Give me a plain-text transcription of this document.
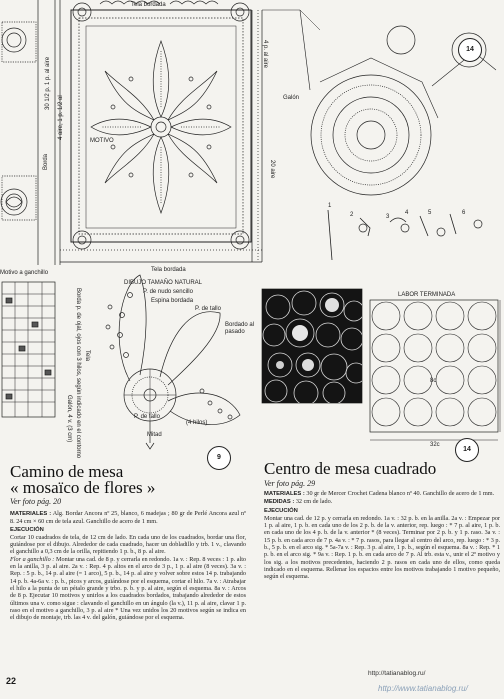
Tela bordada
MOTIVO
Galón
Borda
Motivo a ganchillo	Tela bordada
DIBUJO TAMAÑO NATURAL
P. de nudo sencillo
Espina bordada
P. de tallo
Bordado al pasado
P. de tallo
Mitad
(4 hilos)
LABOR TERMINADA
8c
32c
Borda p. de ojal, ojos con 3 hilos, según indicado en el contorno Tela
Galón, 4 v. (3 cm)
30 1/2 p. 1 p. al aire
4 aire, 1 p. 1/2 al
4 p. al aire
20 aire
1
2	3
4	5	6
14
9
14
Camino de mesa
« mosaïco de flores »
Ver foto pág. 20

MATERIALES : Alg. Bordar Ancora nº 25, blanco, 6 madejas ; 80 gr de Perlé Ancora azul nº 8. 24 cm × 60 cm de tela azul. Ganchillo de acero de 1 mm.

EJECUCIÓN

Cortar 10 cuadrados de tela, de 12 cm de lado. En cada uno de los cuadrados, bordar una flor, guiándose por el dibujo. Alrededor de cada cuadrado, hacer un dobladillo y trb. 1 v., clavando el ganchillo a 0,3 cm de la orilla, repitiendo 1 p. b., 8 p. al aire.

Flor a ganchillo : Montar una cad. de 8 p. y cerrarla en redondo. 1a v. : Rep. 8 veces : 1 p. alto en la anilla, 3 p. al aire. 2a v. : Rep. 4 p. altos en el arco de 3 p., 1 p. al aire (8 veces). 3a v. : Rep. : 5 p. b., 14 p. al aire (= 1 arco), 5 p. b., 14 p. al aire y volver sobre estos 14 p. trabajando 14 p. b. 4a-6a v. : p. b., picos y arcos, guiándose por el esquema, cortar el hilo. 7a v. : Atrabajar el hilo a la punta de un pétalo grande y trbo. p. b. y p. al aire, según el esquema. 8a v. : Arcos de 8 p. Ejecutar 10 motivos y unirlos a los cuadrados bordados, trabajando alrededor de estos últimos una v. como sigue : clavando el ganchillo en un ángulo (la v.), 11 p. al aire, clavar 1 p. raso en el motivo a ganchillo, 3 p. al aire * Una vez unidos los 20 motivos según se indica en el dibujo de montaje, trb. las 4 v. del galón, guiándose por el esquema.

Centro de mesa cuadrado
Ver foto pág. 29

MATERIALES : 30 gr de Mercer Crochet Cadena blanco nº 40. Ganchillo de acero de 1 mm.

MEDIDAS : 32 cm de lado.

EJECUCIÓN

Montar una cad. de 12 p. y cerrarla en redondo. 1a v. : 32 p. b. en la anilla. 2a v. : Empezar por 1 p. al aire, 1 p. b. en cada uno de los 2 p. b. de la v. anterior, rep. luego : * 7 p. al aire, 1 p. b. en cada uno de los 4 p. b. de la v. anterior * (8 veces). Terminar por 2 p. b. y 1 p. raso. 3a v. : 15 p. b. en cada arco de 7 p. 4a v. : * 7 p. rasos, para llegar al centro del arco, rep. luego : * 3 p. b., 5 p. b. en el arco sig. * 5a-7a v. : Rep. 3 p. al aire, 1 p. b., según el esquema. 8a v. : Rep. * 1 p. b. en el arco sig. * 9a v. : Rep. 1 p. b. en cada arco de 7 p. Al trb. esta v., unir el 2º motivo y los sig. a los motivos precedentes, haciendo 2 p. rasos en cada uno de ellos, como queda indicado en el esquema. Rellenar los espacios entre los motivos trabajando 1 motivo pequeño, según el esquema.

22
http://tatianablog.ru/
http://www.tatianablog.ru/
